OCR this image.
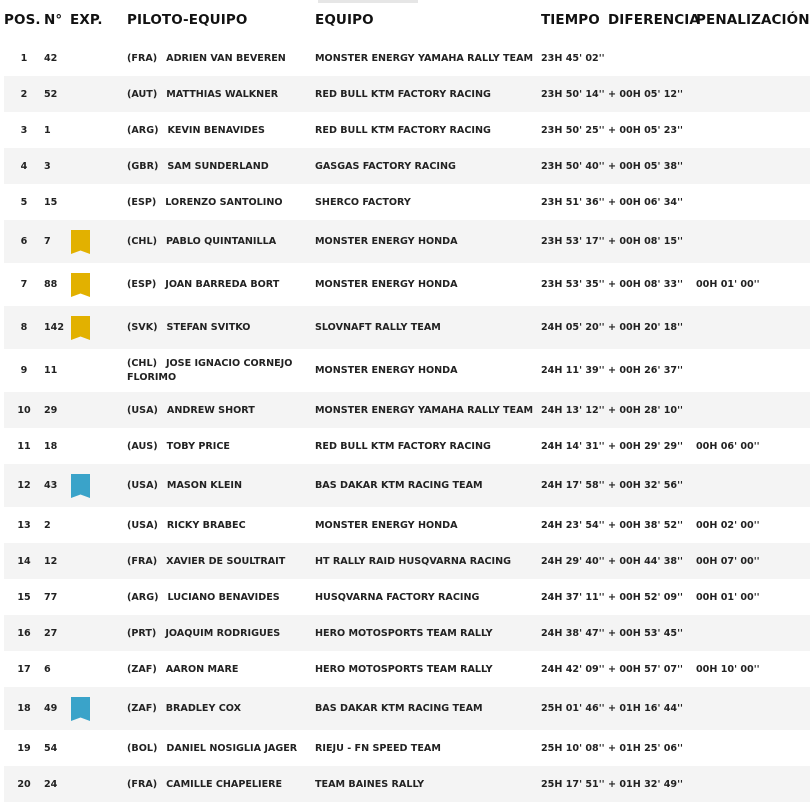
POS.	N°	EXP.	PILOTO-EQUIPO	EQUIPO	TIEMPO	DIFERENCIA	PENALIZACIÓN
1	42		(FRA) ADRIEN VAN BEVEREN	MONSTER ENERGY YAMAHA RALLY TEAM	23H 45' 02''		
2	52		(AUT) MATTHIAS WALKNER	RED BULL KTM FACTORY RACING	23H 50' 14''	+ 00H 05' 12''	
3	1		(ARG) KEVIN BENAVIDES	RED BULL KTM FACTORY RACING	23H 50' 25''	+ 00H 05' 23''	
4	3		(GBR) SAM SUNDERLAND	GASGAS FACTORY RACING	23H 50' 40''	+ 00H 05' 38''	
5	15		(ESP) LORENZO SANTOLINO	SHERCO FACTORY	23H 51' 36''	+ 00H 06' 34''	
6	7		(CHL) PABLO QUINTANILLA	MONSTER ENERGY HONDA	23H 53' 17''	+ 00H 08' 15''	
7	88		(ESP) JOAN BARREDA BORT	MONSTER ENERGY HONDA	23H 53' 35''	+ 00H 08' 33''	00H 01' 00''
8	142		(SVK) STEFAN SVITKO	SLOVNAFT RALLY TEAM	24H 05' 20''	+ 00H 20' 18''	
9	11		(CHL) JOSE IGNACIO CORNEJO FLORIMO	MONSTER ENERGY HONDA	24H 11' 39''	+ 00H 26' 37''	
10	29		(USA) ANDREW SHORT	MONSTER ENERGY YAMAHA RALLY TEAM	24H 13' 12''	+ 00H 28' 10''	
11	18		(AUS) TOBY PRICE	RED BULL KTM FACTORY RACING	24H 14' 31''	+ 00H 29' 29''	00H 06' 00''
12	43		(USA) MASON KLEIN	BAS DAKAR KTM RACING TEAM	24H 17' 58''	+ 00H 32' 56''	
13	2		(USA) RICKY BRABEC	MONSTER ENERGY HONDA	24H 23' 54''	+ 00H 38' 52''	00H 02' 00''
14	12		(FRA) XAVIER DE SOULTRAIT	HT RALLY RAID HUSQVARNA RACING	24H 29' 40''	+ 00H 44' 38''	00H 07' 00''
15	77		(ARG) LUCIANO BENAVIDES	HUSQVARNA FACTORY RACING	24H 37' 11''	+ 00H 52' 09''	00H 01' 00''
16	27		(PRT) JOAQUIM RODRIGUES	HERO MOTOSPORTS TEAM RALLY	24H 38' 47''	+ 00H 53' 45''	
17	6		(ZAF) AARON MARE	HERO MOTOSPORTS TEAM RALLY	24H 42' 09''	+ 00H 57' 07''	00H 10' 00''
18	49		(ZAF) BRADLEY COX	BAS DAKAR KTM RACING TEAM	25H 01' 46''	+ 01H 16' 44''	
19	54		(BOL) DANIEL NOSIGLIA JAGER	RIEJU - FN SPEED TEAM	25H 10' 08''	+ 01H 25' 06''	
20	24		(FRA) CAMILLE CHAPELIERE	TEAM BAINES RALLY	25H 17' 51''	+ 01H 32' 49''	
